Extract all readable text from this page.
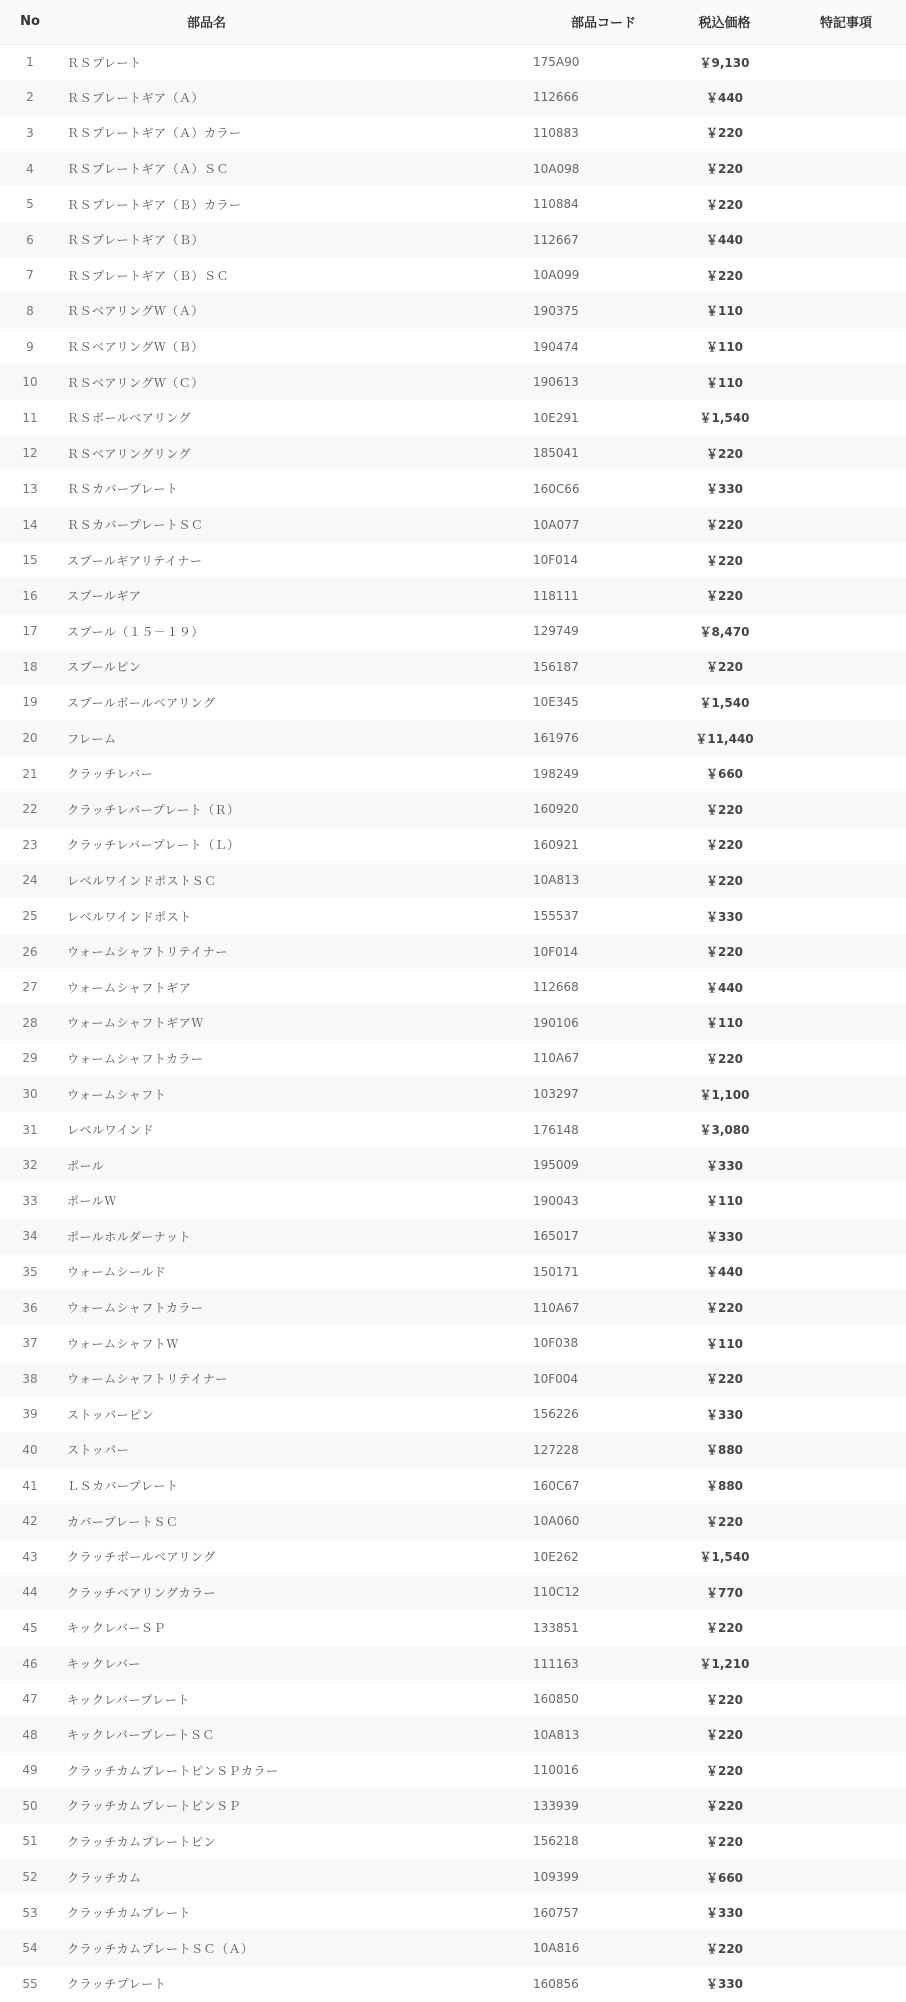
No	部品名	部品コード	税込価格	特記事項
1	ＲＳプレート	175A90	￥9,130	
2	ＲＳプレートギア（Ａ）	112666	￥440	
3	ＲＳプレートギア（Ａ）カラー	110883	￥220	
4	ＲＳプレートギア（Ａ）ＳＣ	10A098	￥220	
5	ＲＳプレートギア（Ｂ）カラー	110884	￥220	
6	ＲＳプレートギア（Ｂ）	112667	￥440	
7	ＲＳプレートギア（Ｂ）ＳＣ	10A099	￥220	
8	ＲＳベアリングＷ（Ａ）	190375	￥110	
9	ＲＳベアリングＷ（Ｂ）	190474	￥110	
10	ＲＳベアリングＷ（Ｃ）	190613	￥110	
11	ＲＳボールベアリング	10E291	￥1,540	
12	ＲＳベアリングリング	185041	￥220	
13	ＲＳカバープレート	160C66	￥330	
14	ＲＳカバープレートＳＣ	10A077	￥220	
15	スプールギアリテイナー	10F014	￥220	
16	スプールギア	118111	￥220	
17	スプール（１５－１９）	129749	￥8,470	
18	スプールピン	156187	￥220	
19	スプールボールベアリング	10E345	￥1,540	
20	フレーム	161976	￥11,440	
21	クラッチレバー	198249	￥660	
22	クラッチレバープレート（Ｒ）	160920	￥220	
23	クラッチレバープレート（Ｌ）	160921	￥220	
24	レベルワインドポストＳＣ	10A813	￥220	
25	レベルワインドポスト	155537	￥330	
26	ウォームシャフトリテイナー	10F014	￥220	
27	ウォームシャフトギア	112668	￥440	
28	ウォームシャフトギアＷ	190106	￥110	
29	ウォームシャフトカラー	110A67	￥220	
30	ウォームシャフト	103297	￥1,100	
31	レベルワインド	176148	￥3,080	
32	ポール	195009	￥330	
33	ポールＷ	190043	￥110	
34	ポールホルダーナット	165017	￥330	
35	ウォームシールド	150171	￥440	
36	ウォームシャフトカラー	110A67	￥220	
37	ウォームシャフトＷ	10F038	￥110	
38	ウォームシャフトリテイナー	10F004	￥220	
39	ストッパーピン	156226	￥330	
40	ストッパー	127228	￥880	
41	ＬＳカバープレート	160C67	￥880	
42	カバープレートＳＣ	10A060	￥220	
43	クラッチボールベアリング	10E262	￥1,540	
44	クラッチベアリングカラー	110C12	￥770	
45	キックレバーＳＰ	133851	￥220	
46	キックレバー	111163	￥1,210	
47	キックレバープレート	160850	￥220	
48	キックレバープレートＳＣ	10A813	￥220	
49	クラッチカムプレートピンＳＰカラー	110016	￥220	
50	クラッチカムプレートピンＳＰ	133939	￥220	
51	クラッチカムプレートピン	156218	￥220	
52	クラッチカム	109399	￥660	
53	クラッチカムプレート	160757	￥330	
54	クラッチカムプレートＳＣ（Ａ）	10A816	￥220	
55	クラッチプレート	160856	￥330	
